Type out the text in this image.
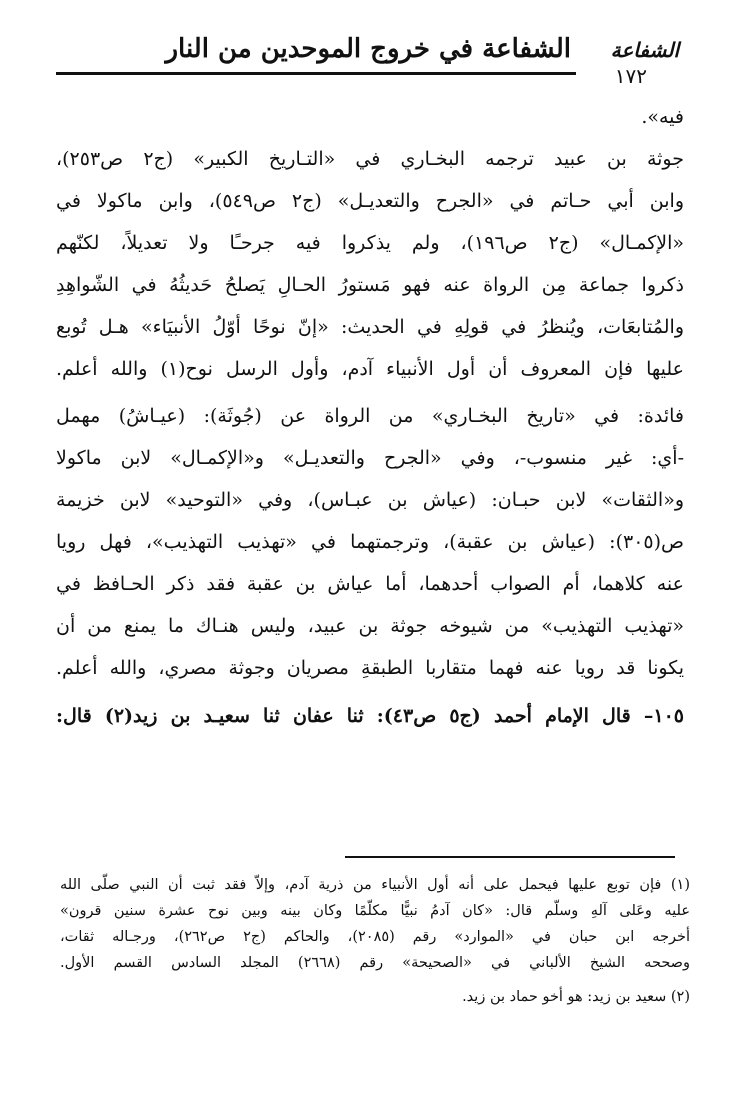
الشفاعة في خروج الموحدين من النار الشفاعة
١٧٢
فيه».
جوثة بن عبيد ترجمه البخـاري في «التـاريخ الكبير» (ج٢ ص٢٥٣)،
وابن أبي حـاتم في «الجرح والتعديـل» (ج٢ ص٥٤٩)، وابن ماكولا في
«الإكمـال» (ج٢ ص١٩٦)، ولم يذكروا فيه جرحـًا ولا تعديلاً، لكنّهم
ذكروا جماعة مِن الرواة عنه فهو مَستورُ الحـالِ يَصلحُ حَديثُهُ في الشّواهِدِ
والمُتابعَات، ويُنظرُ في قولِهِ في الحديث: «إنّ نوحًا أوّلُ الأنبيَاء» هـل تُوبع
عليها فإن المعروف أن أول الأنبياء آدم، وأول الرسل نوح(١) والله أعلم.
فائدة: في «تاريخ البخـاري» من الرواة عن (جُوثَة): (عيـاشُ) مهمل
-أي: غير منسوب-، وفي «الجرح والتعديـل» و«الإكمـال» لابن ماكولا
و«الثقات» لابن حبـان: (عياش بن عبـاس)، وفي «التوحيد» لابن خزيمة
ص(٣٠٥): (عياش بن عقبة)، وترجمتهما في «تهذيب التهذيب»، فهل رويا
عنه كلاهما، أم الصواب أحدهما، أما عياش بن عقبة فقد ذكر الحـافظ في
«تهذيب التهذيب» من شيوخه جوثة بن عبيد، وليس هنـاك ما يمنع من أن
يكونا قد رويا عنه فهما متقاربا الطبقةِ مصريان وجوثة مصري، والله أعلم.
١٠٥– قال الإمام أحمد (ج٥ ص٤٣): ثنا عفان ثنا سعيـد بن زيد(٢) قال:
(١) فإن توبع عليها فيحمل على أنه أول الأنبياء من ذرية آدم، وإلاّ فقد ثبت أن النبي صلّى الله
عليه وعَلى آلهِ وسلّم قال: «كان آدمُ نبيًّا مكلّمًا وكان بينه وبين نوح عشرة سنين قرون»
أخرجه ابن حبان في «الموارد» رقم (٢٠٨٥)، والحاكم (ج٢ ص٢٦٢)، ورجـاله ثقات،
وصححه الشيخ الألباني في «الصحيحة» رقم (٢٦٦٨) المجلد السادس القسم الأول.
(٢) سعيد بن زيد: هو أخو حماد بن زيد.
